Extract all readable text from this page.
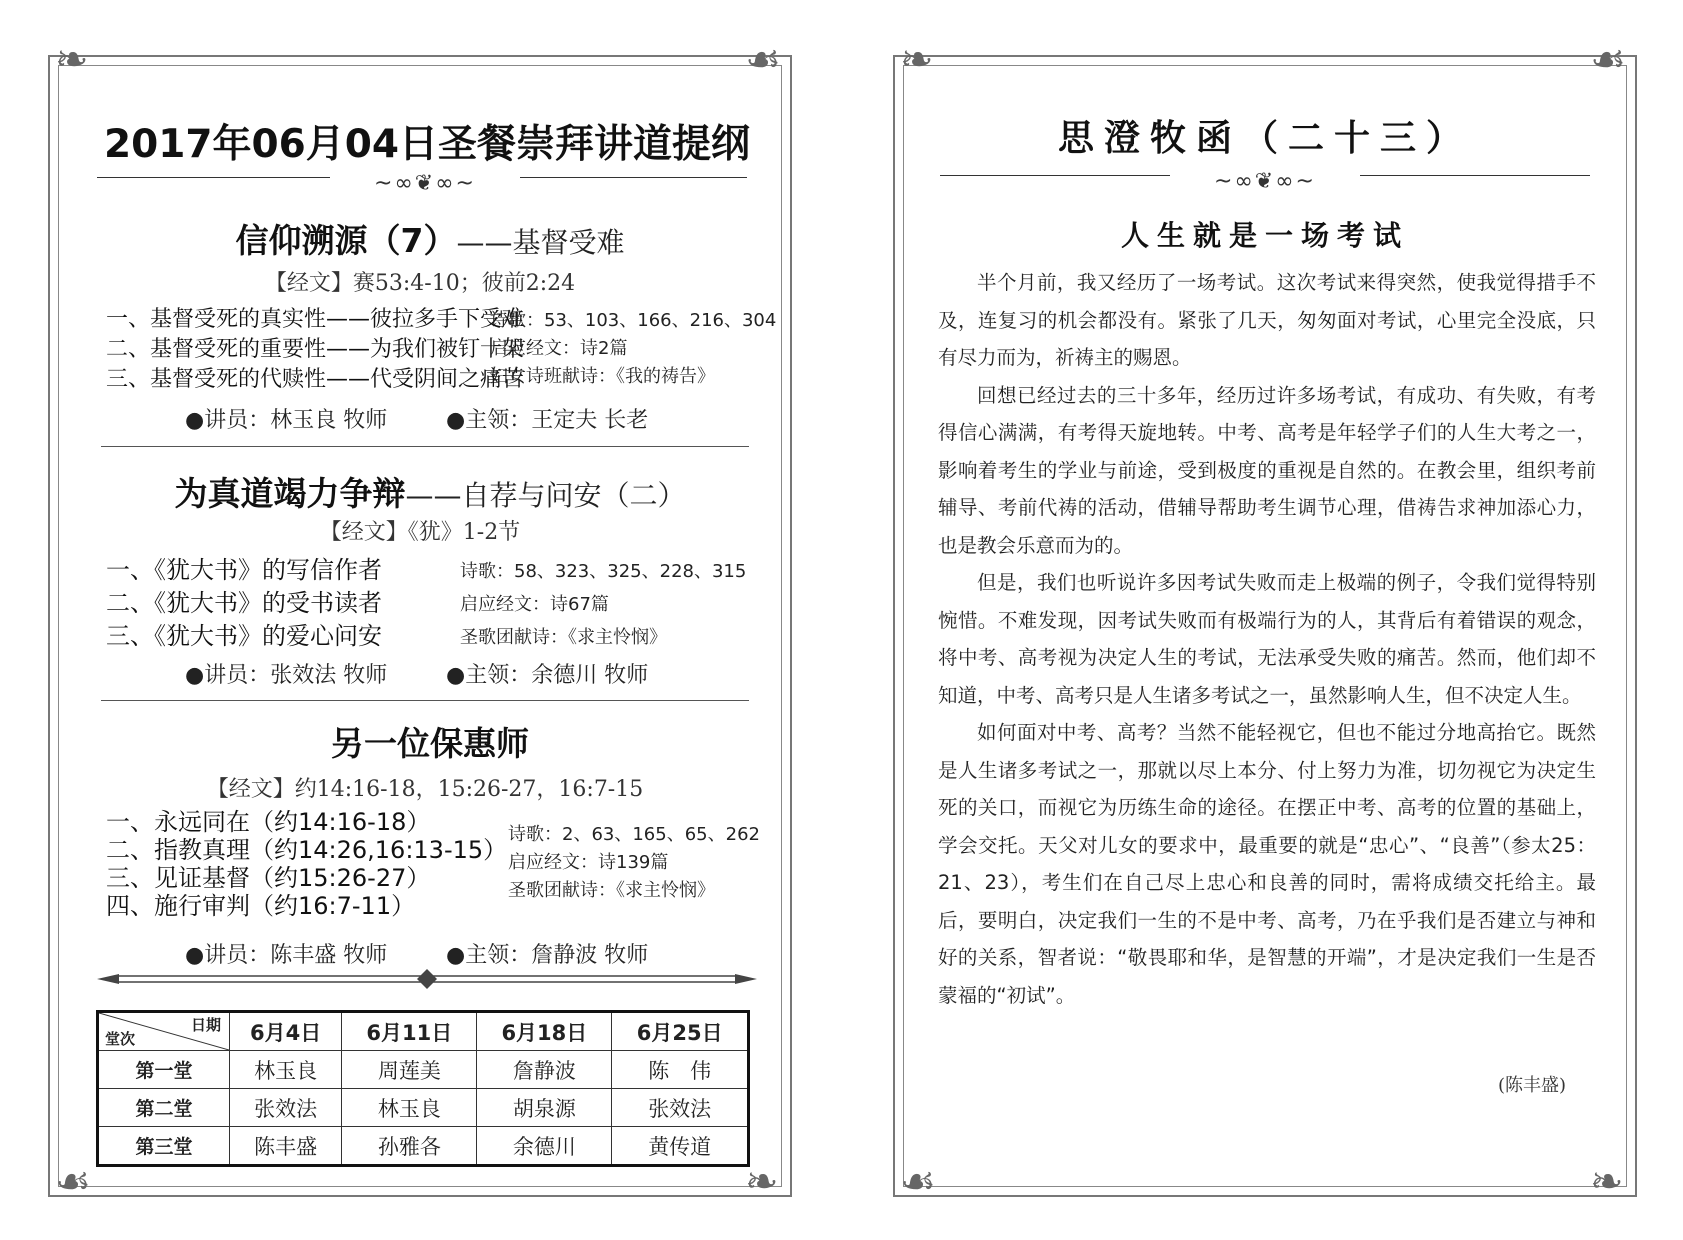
❧	☙
☙	❧
2017年06月04日圣餐崇拜讲道提纲
~∞❦∞~
信仰溯源（7）——基督受难
【经文】赛53:4-10；彼前2:24
一、基督受死的真实性——彼拉多手下受难
二、基督受死的重要性——为我们被钉十架
三、基督受死的代赎性——代受阴间之痛苦
诗歌：53、103、166、216、304
启应经文：诗2篇
妇女诗班献诗：《我的祷告》
●讲员：林玉良 牧师	●主领：王定夫 长老
为真道竭力争辩——自荐与问安（二）
【经文】《犹》1-2节
一、《犹大书》的写信作者
二、《犹大书》的受书读者
三、《犹大书》的爱心问安
诗歌：58、323、325、228、315
启应经文：诗67篇
圣歌团献诗：《求主怜悯》
●讲员：张效法 牧师	●主领：余德川 牧师
另一位保惠师
【经文】约14:16-18，15:26-27，16:7-15
一、永远同在（约14:16-18）
二、指教真理（约14:26,16:13-15）
三、见证基督（约15:26-27）
四、施行审判（约16:7-11）
诗歌：2、63、165、65、262
启应经文：诗139篇
圣歌团献诗：《求主怜悯》
●讲员：陈丰盛 牧师	●主领：詹静波 牧师
日期
堂次	6月4日	6月11日	6月18日	6月25日
第一堂	林玉良	周莲美	詹静波	陈　伟
第二堂	张效法	林玉良	胡泉源	张效法
第三堂	陈丰盛	孙雅各	余德川	黄传道
❧	☙
☙	❧
思澄牧函（二十三）
~∞❦∞~
人生就是一场考试

半个月前，我又经历了一场考试。这次考试来得突然，使我觉得措手不及，连复习的机会都没有。紧张了几天，匆匆面对考试，心里完全没底，只有尽力而为，祈祷主的赐恩。

回想已经过去的三十多年，经历过许多场考试，有成功、有失败，有考得信心满满，有考得天旋地转。中考、高考是年轻学子们的人生大考之一，影响着考生的学业与前途，受到极度的重视是自然的。在教会里，组织考前辅导、考前代祷的活动，借辅导帮助考生调节心理，借祷告求神加添心力，也是教会乐意而为的。

但是，我们也听说许多因考试失败而走上极端的例子，令我们觉得特别惋惜。不难发现，因考试失败而有极端行为的人，其背后有着错误的观念，将中考、高考视为决定人生的考试，无法承受失败的痛苦。然而，他们却不知道，中考、高考只是人生诸多考试之一，虽然影响人生，但不决定人生。

如何面对中考、高考？当然不能轻视它，但也不能过分地高抬它。既然是人生诸多考试之一，那就以尽上本分、付上努力为准，切勿视它为决定生死的关口，而视它为历练生命的途径。在摆正中考、高考的位置的基础上，学会交托。天父对儿女的要求中，最重要的就是“忠心”、“良善”（参太25：21、23），考生们在自己尽上忠心和良善的同时，需将成绩交托给主。最后，要明白，决定我们一生的不是中考、高考，乃在乎我们是否建立与神和好的关系，智者说：“敬畏耶和华，是智慧的开端”，才是决定我们一生是否蒙福的“初试”。

(陈丰盛)
